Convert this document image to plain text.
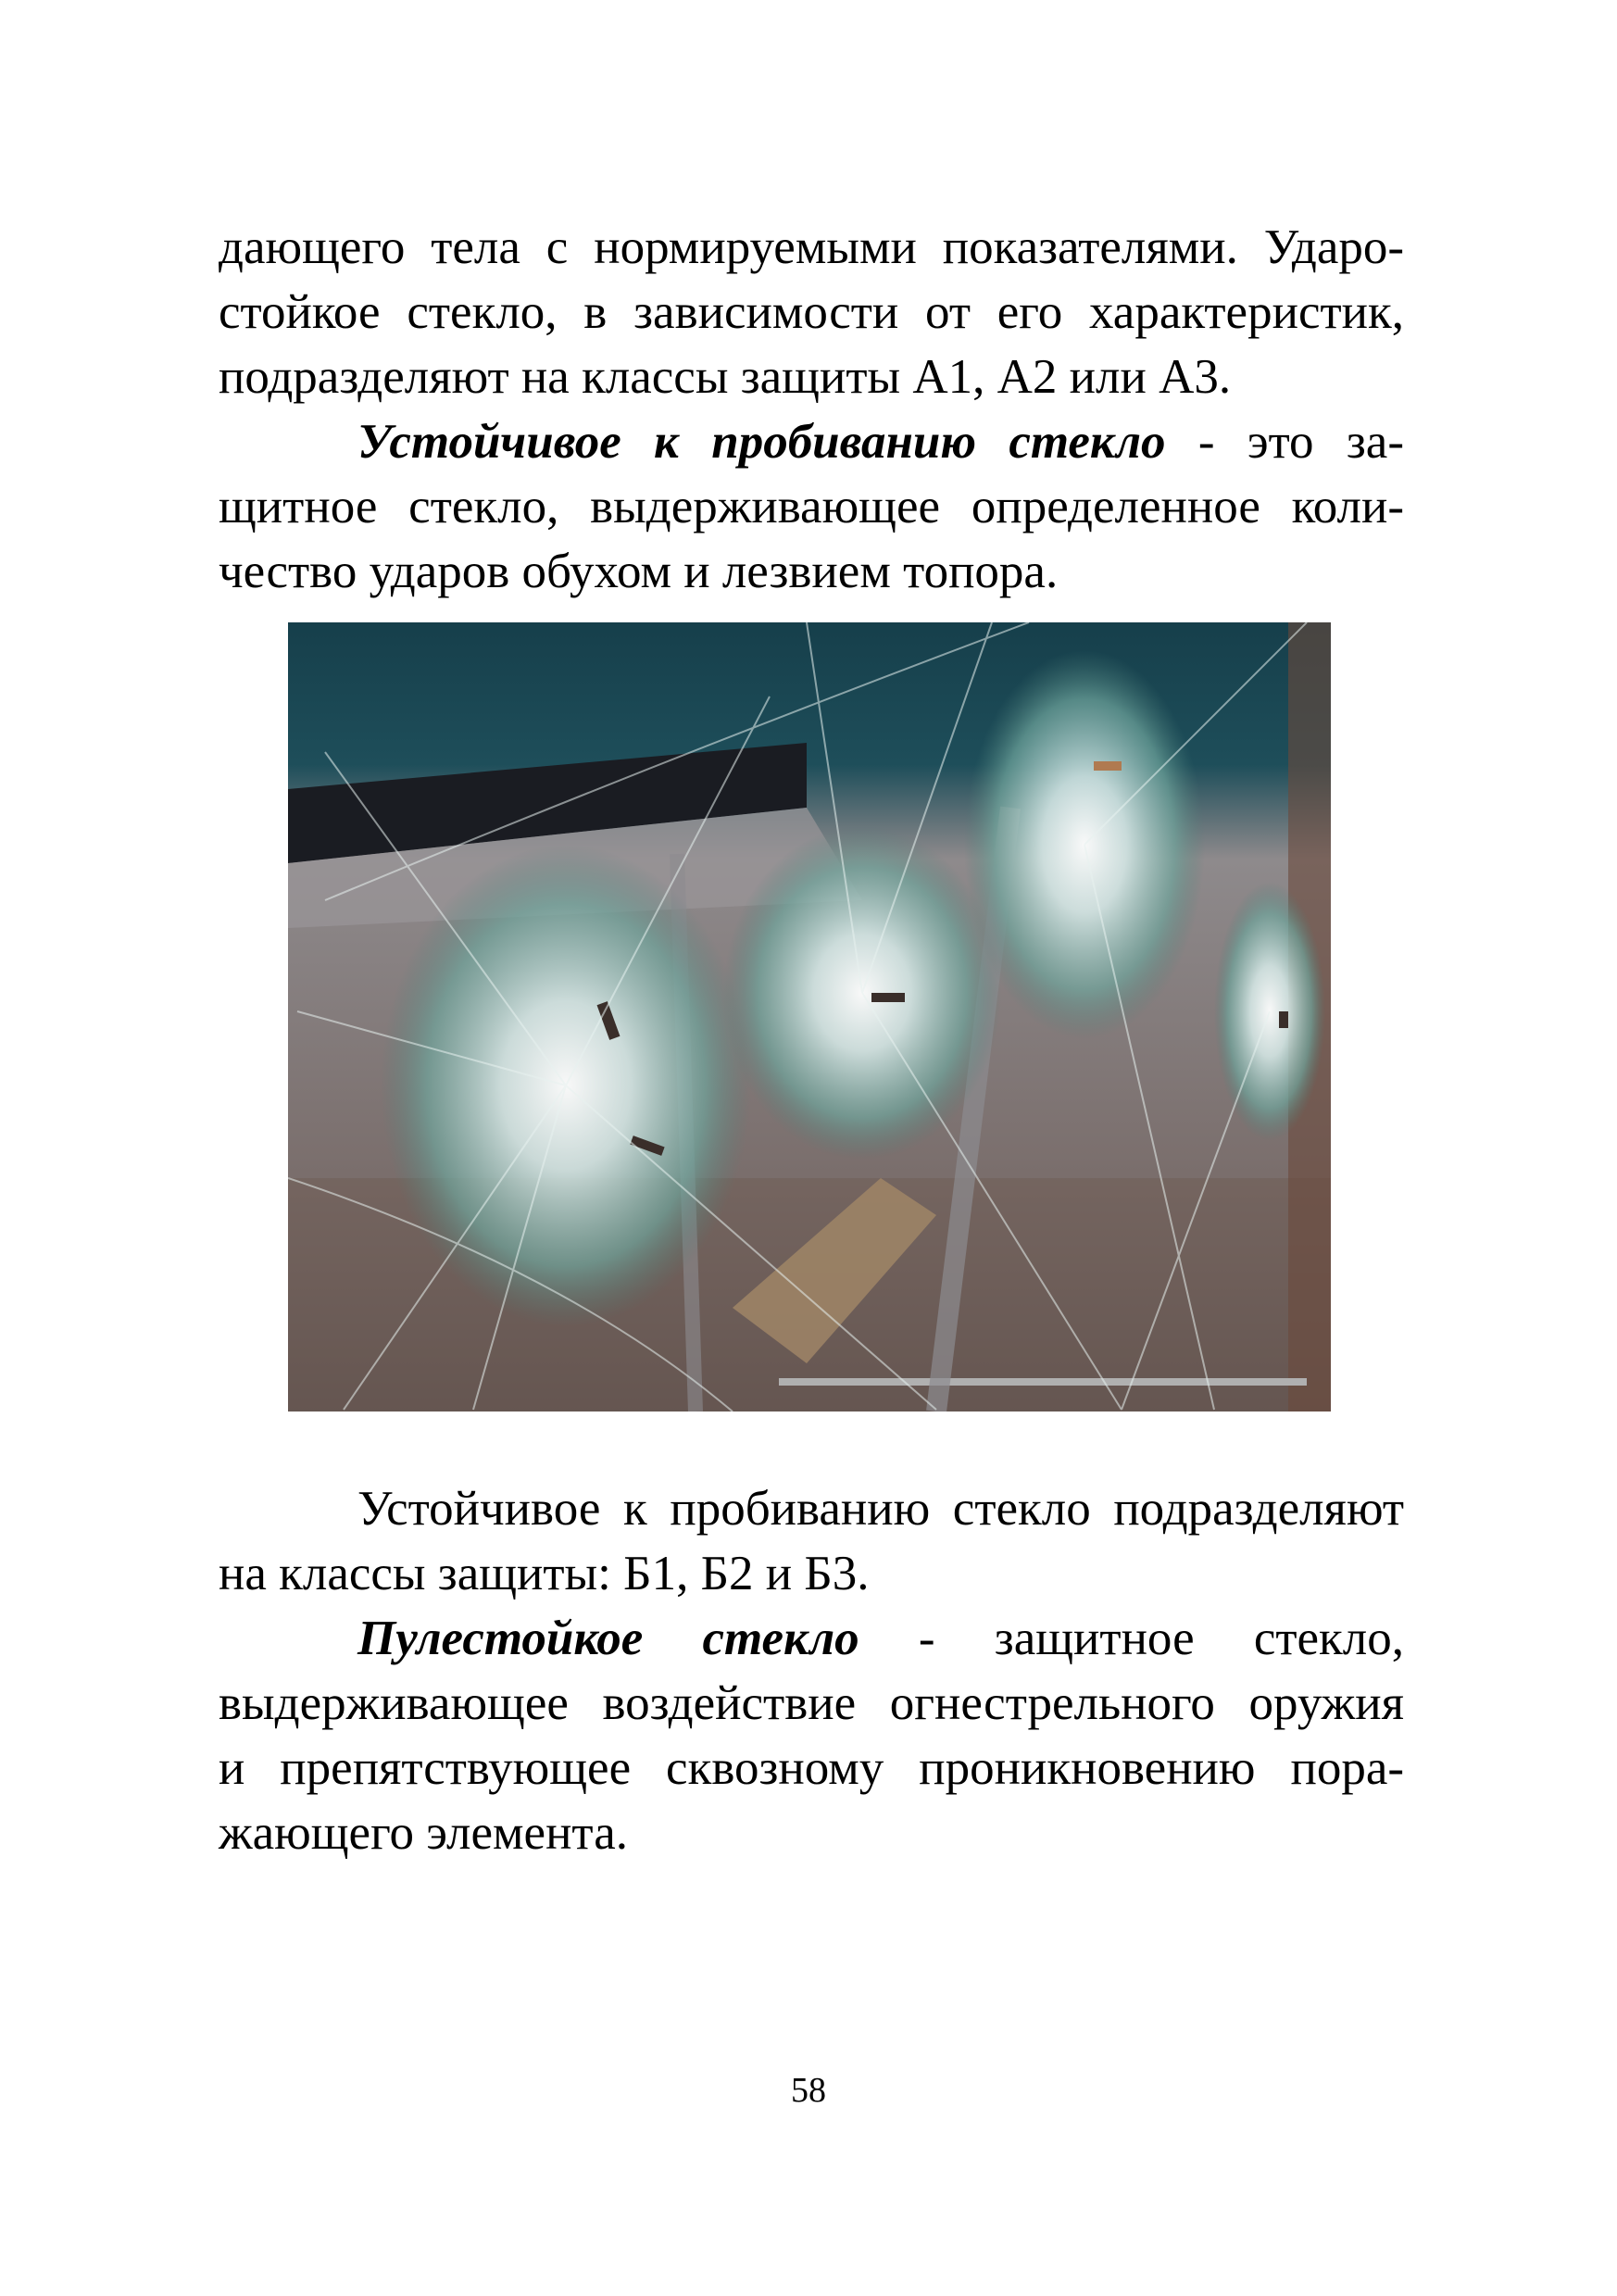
дающего тела с нормируемыми показателями. Ударо-
стойкое стекло, в зависимости от его характеристик,
подразделяют на классы защиты А1, А2 или А3.
Устойчивое к пробиванию стекло - это за-
щитное стекло, выдерживающее определенное коли-
чество ударов обухом и лезвием топора.
Устойчивое к пробиванию стекло подразделяют
на классы защиты: Б1, Б2 и Б3.
Пулестойкое стекло - защитное стекло,
выдерживающее воздействие огнестрельного оружия
и препятствующее сквозному проникновению пора-
жающего элемента.
58
